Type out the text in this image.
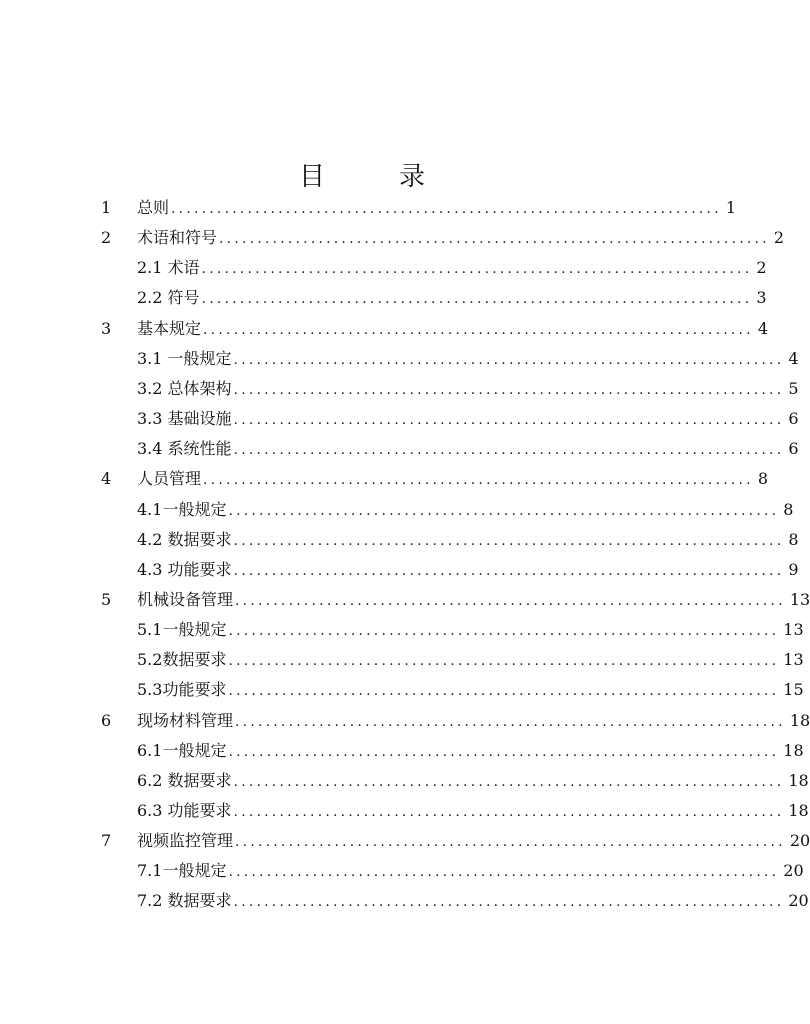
目　录
1	总则 ........................................................................ 1
2	术语和符号 ........................................................................ 2
2.1 术语 ........................................................................ 2
2.2 符号 ........................................................................ 3
3	基本规定 ........................................................................ 4
3.1 一般规定 ........................................................................ 4
3.2 总体架构 ........................................................................ 5
3.3 基础设施 ........................................................................ 6
3.4 系统性能 ........................................................................ 6
4	人员管理 ........................................................................ 8
4.1一般规定 ........................................................................ 8
4.2 数据要求 ........................................................................ 8
4.3 功能要求 ........................................................................ 9
5	机械设备管理 ........................................................................ 13
5.1一般规定 ........................................................................ 13
5.2数据要求 ........................................................................ 13
5.3功能要求 ........................................................................ 15
6	现场材料管理 ........................................................................ 18
6.1一般规定 ........................................................................ 18
6.2 数据要求 ........................................................................ 18
6.3 功能要求 ........................................................................ 18
7	视频监控管理 ........................................................................ 20
7.1一般规定 ........................................................................ 20
7.2 数据要求 ........................................................................ 20
